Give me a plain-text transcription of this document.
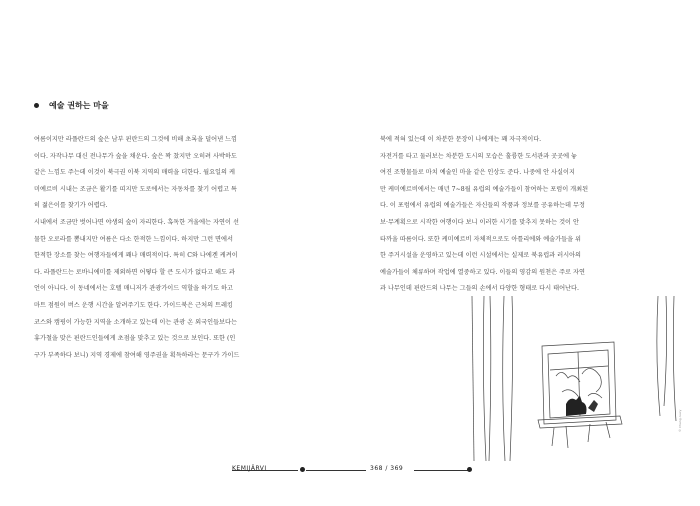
예술 권하는 마을

여름이지만 라플란드의 숲은 남부 핀란드의 그것에 비해 초록을 덜어낸 느낌

이다. 자작나무 대신 전나무가 숲을 채운다. 숲은 꽉 찼지만 오히려 사박하도

같은 느낌도 주는데 이것이 북극권 이북 지역의 매력을 더한다. 월요일의 케

미예르비 시내는 조금은 활기를 띠지만 도로에서는 자동차를 찾기 어렵고 특

히 젊은이를 찾기가 어렵다.

시내에서 조금만 벗어나면 야생의 숲이 자리한다. 혹독한 겨울에는 자연이 선

물한 오로라를 뽐내지만 여름은 다소 한적한 느낌이다. 하지만 그런 면에서

한적한 장소를 찾는 여행자들에게 꽤나 매력적이다. 특히 C와 나에겐 케켜이

다. 라플란드는 로바니에미를 제외하면 어떻다 할 큰 도시가 없다고 해도 과

언이 아니다. 이 동네에서는 호텔 매니저가 관광가이드 역할을 하기도 하고

마트 점원이 버스 운행 시간을 알려주기도 한다. 가이드북은 근처의 트레킹

코스와 캠핑이 가능한 지역을 소개하고 있는데 이는 관광 온 외국인들보다는

휴가철을 맞은 핀란드인들에게 초점을 맞추고 있는 것으로 보인다. 또한 (인

구가 부족하다 보니) 지역 경제에 참여해 영주권을 획득하라는 문구가 가이드

북에 적혀 있는데 이 차분한 문장이 나에게는 꽤 자극적이다.

자전거를 타고 둘러보는 차분한 도시의 모습은 훌륭한 도서관과 곳곳에 놓

여진 조형물들로 마치 예술인 마을 같은 인상도 준다. 나중에 안 사실이지

만 케미예르비에서는 매년 7~8월 유럽의 예술가들이 참여하는 포럼이 개최된

다. 이 포럼에서 유럽의 예술가들은 자신들의 작품과 정보를 공유하는데 무정

보·무계획으로 시작한 여행이다 보니 이러한 시기를 맞추지 못하는 것이 안

타까울 따름이다. 또한 케미예르비 자체적으로도 아틀리에와 예술가들을 위

한 주거시설을 운영하고 있는데 이런 시설에서는 실제로 북유럽과 러시아의

예술가들이 체류하며 작업에 열중하고 있다. 이들의 영감의 원천은 주로 자연

과 나무인데 핀란드의 나무는 그들의 손에서 다양한 형태로 다시 태어난다.

© Chang, Lucy
KEMIJÄRVI	368 / 369
